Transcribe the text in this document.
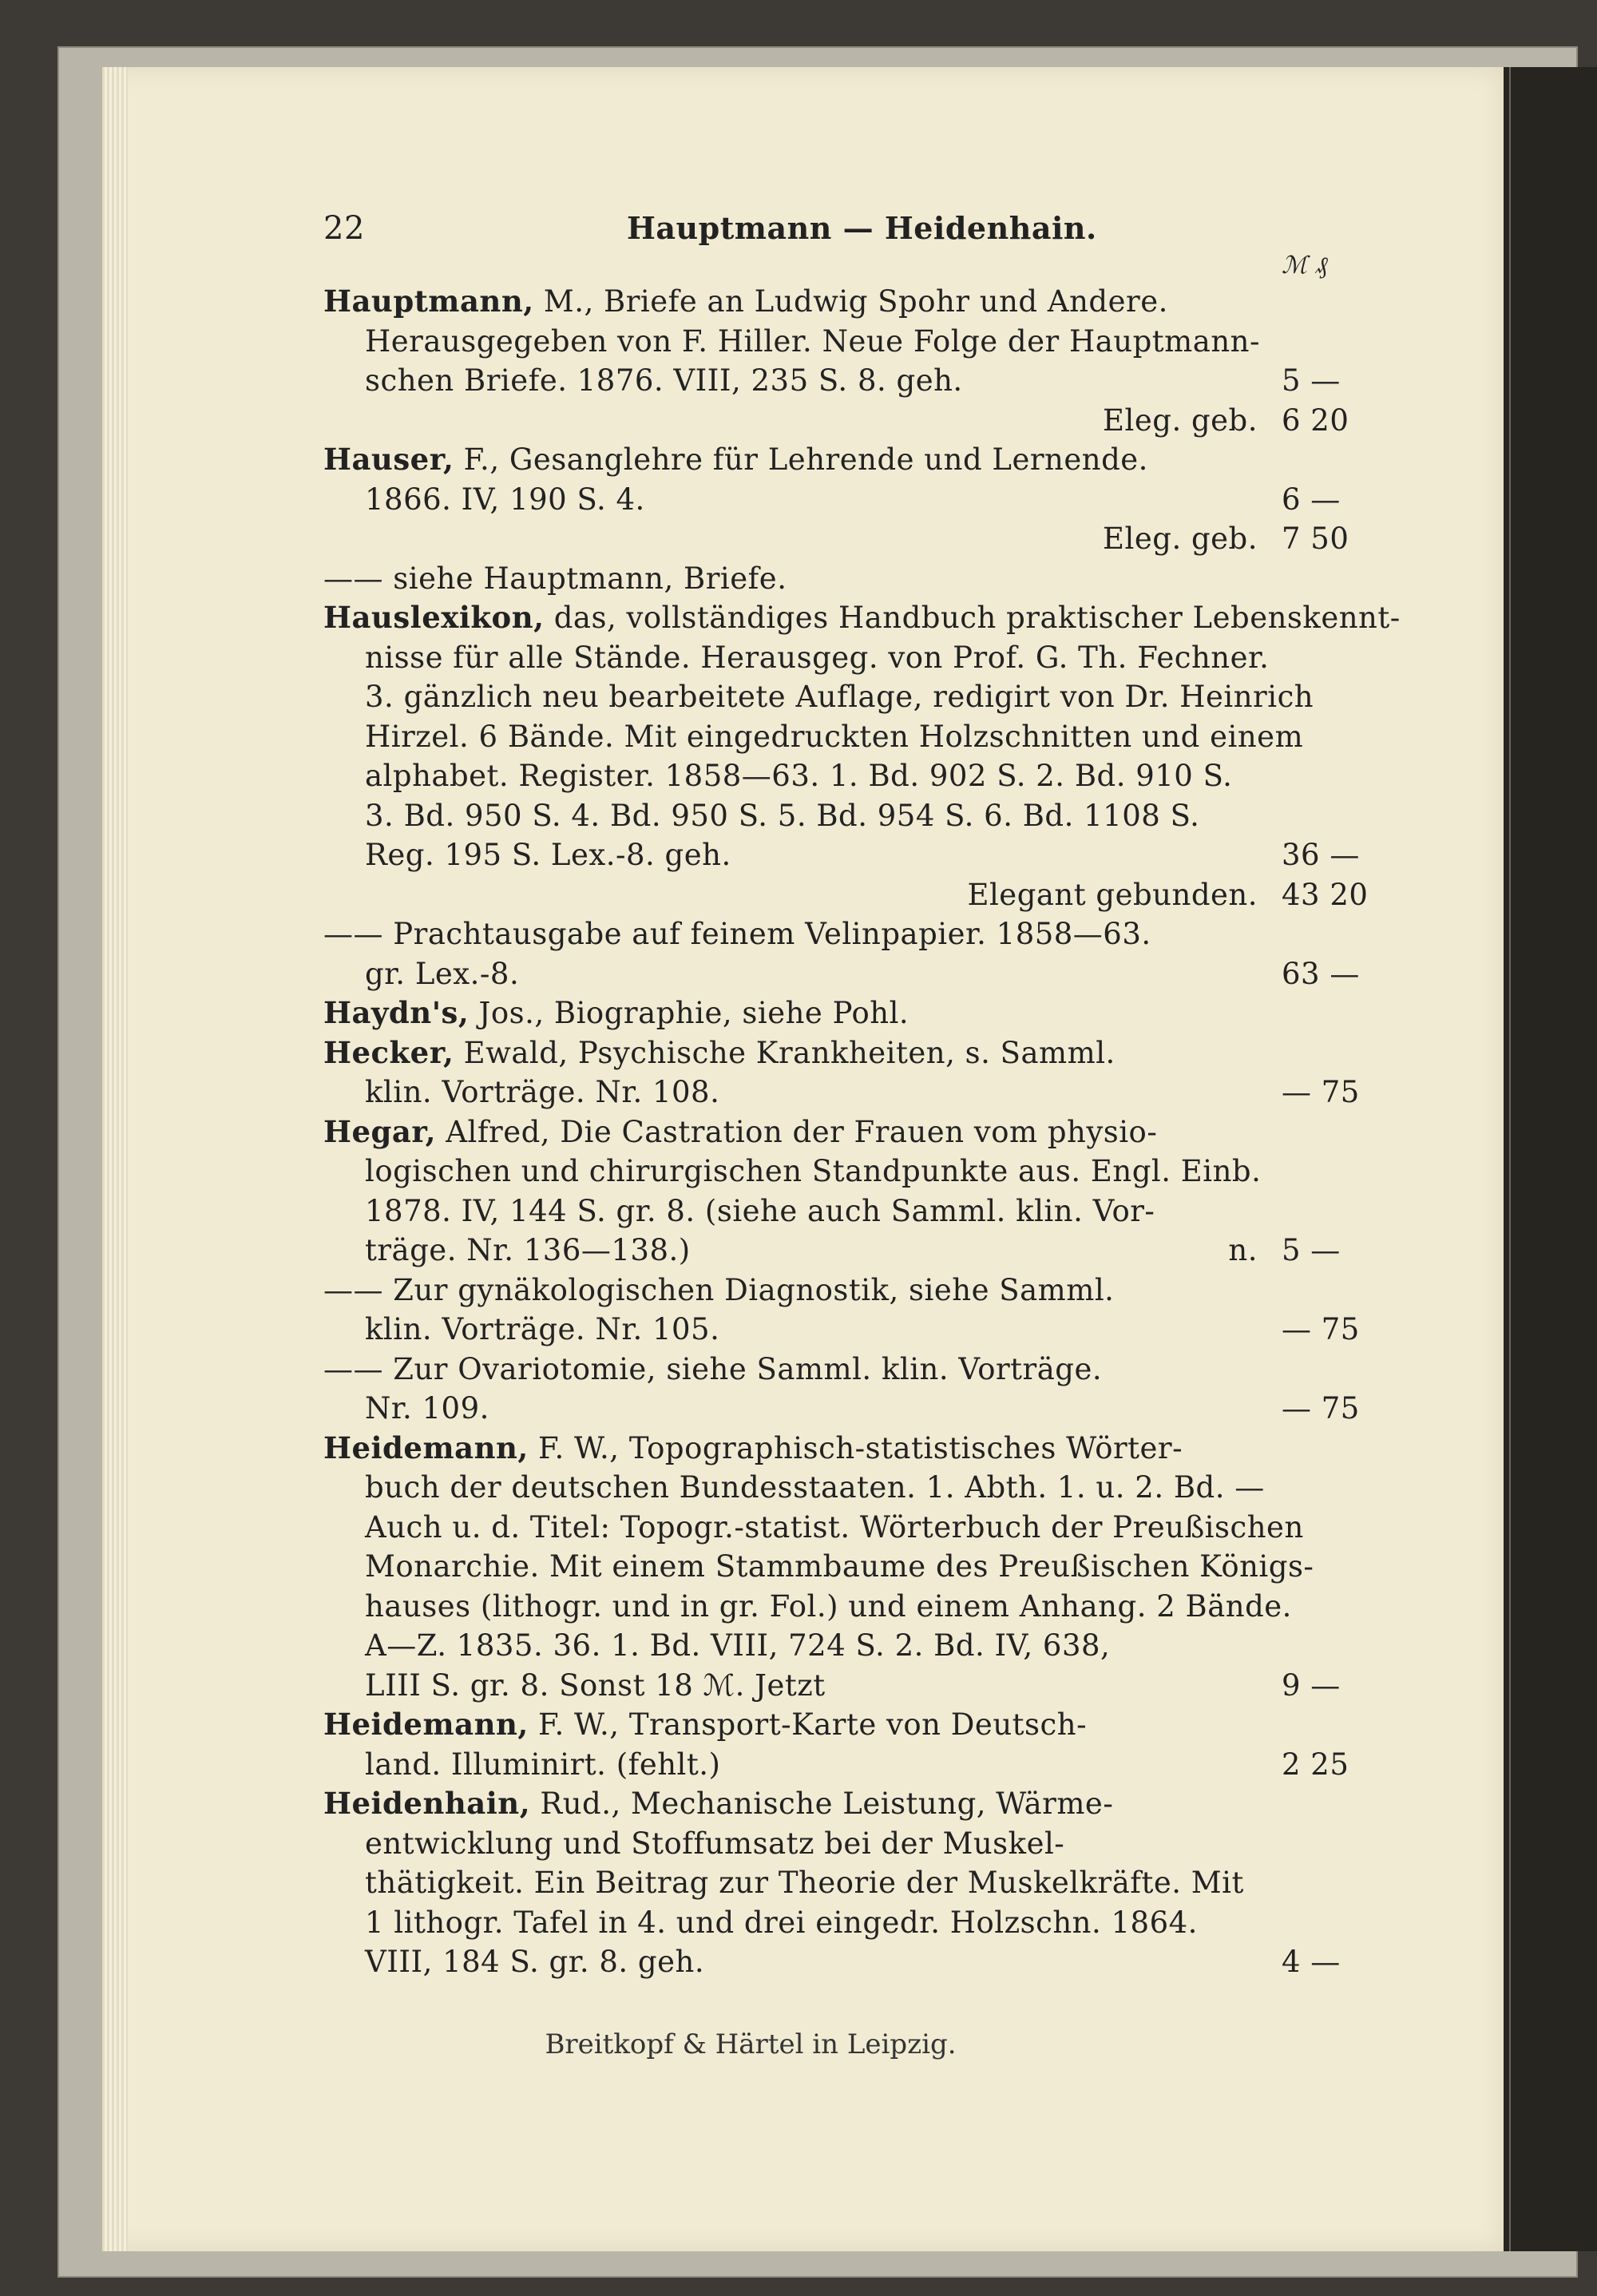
22	Hauptmann — Heidenhain.
ℳ ₰
Hauptmann, M., Briefe an Ludwig Spohr und Andere.
Herausgegeben von F. Hiller. Neue Folge der Hauptmann-
schen Briefe. 1876. VIII, 235 S. 8. geh.	5 —
Eleg. geb. 6 20
Hauser, F., Gesanglehre für Lehrende und Lernende.
1866. IV, 190 S. 4.	6 —
Eleg. geb. 7 50
—— siehe Hauptmann, Briefe.
Hauslexikon, das, vollständiges Handbuch praktischer Lebenskennt-
nisse für alle Stände. Herausgeg. von Prof. G. Th. Fechner.
3. gänzlich neu bearbeitete Auflage, redigirt von Dr. Heinrich
Hirzel. 6 Bände. Mit eingedruckten Holzschnitten und einem
alphabet. Register. 1858—63. 1. Bd. 902 S. 2. Bd. 910 S.
3. Bd. 950 S. 4. Bd. 950 S. 5. Bd. 954 S. 6. Bd. 1108 S.
Reg. 195 S. Lex.-8. geh.	36 —
Elegant gebunden. 43 20
—— Prachtausgabe auf feinem Velinpapier. 1858—63.
gr. Lex.-8.	63 —
Haydn's, Jos., Biographie, siehe Pohl.
Hecker, Ewald, Psychische Krankheiten, s. Samml.
klin. Vorträge. Nr. 108.	— 75
Hegar, Alfred, Die Castration der Frauen vom physio-
logischen und chirurgischen Standpunkte aus. Engl. Einb.
1878. IV, 144 S. gr. 8. (siehe auch Samml. klin. Vor-
träge. Nr. 136—138.)	n. 5 —
—— Zur gynäkologischen Diagnostik, siehe Samml.
klin. Vorträge. Nr. 105.	— 75
—— Zur Ovariotomie, siehe Samml. klin. Vorträge.
Nr. 109.	— 75
Heidemann, F. W., Topographisch-statistisches Wörter-
buch der deutschen Bundesstaaten. 1. Abth. 1. u. 2. Bd. —
Auch u. d. Titel: Topogr.-statist. Wörterbuch der Preußischen
Monarchie. Mit einem Stammbaume des Preußischen Königs-
hauses (lithogr. und in gr. Fol.) und einem Anhang. 2 Bände.
A—Z. 1835. 36. 1. Bd. VIII, 724 S. 2. Bd. IV, 638,
LIII S. gr. 8. Sonst 18 ℳ. Jetzt	9 —
Heidemann, F. W., Transport-Karte von Deutsch-
land. Illuminirt. (fehlt.)	2 25
Heidenhain, Rud., Mechanische Leistung, Wärme-
entwicklung und Stoffumsatz bei der Muskel-
thätigkeit. Ein Beitrag zur Theorie der Muskelkräfte. Mit
1 lithogr. Tafel in 4. und drei eingedr. Holzschn. 1864.
VIII, 184 S. gr. 8. geh.	4 —
Breitkopf & Härtel in Leipzig.
